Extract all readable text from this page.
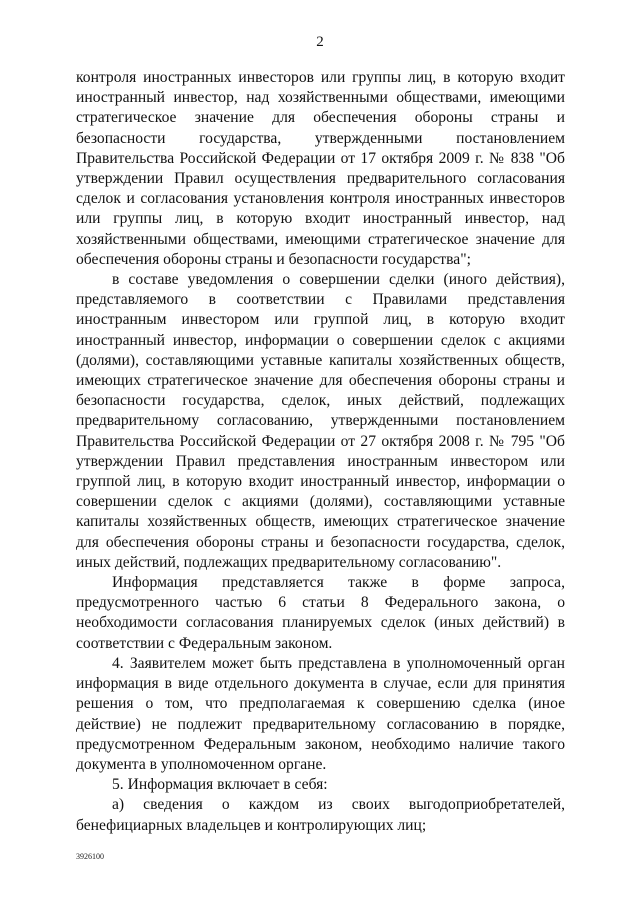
2

контроля иностранных инвесторов или группы лиц, в которую входит иностранный инвестор, над хозяйственными обществами, имеющими стратегическое значение для обеспечения обороны страны и безопасности государства, утвержденными постановлением Правительства Российской Федерации от 17 октября 2009 г. № 838 "Об утверждении Правил осуществления предварительного согласования сделок и согласования установления контроля иностранных инвесторов или группы лиц, в которую входит иностранный инвестор, над хозяйственными обществами, имеющими стратегическое значение для обеспечения обороны страны и безопасности государства";

в составе уведомления о совершении сделки (иного действия), представляемого в соответствии с Правилами представления иностранным инвестором или группой лиц, в которую входит иностранный инвестор, информации о совершении сделок с акциями (долями), составляющими уставные капиталы хозяйственных обществ, имеющих стратегическое значение для обеспечения обороны страны и безопасности государства, сделок, иных действий, подлежащих предварительному согласованию, утвержденными постановлением Правительства Российской Федерации от 27 октября 2008 г. № 795 "Об утверждении Правил представления иностранным инвестором или группой лиц, в которую входит иностранный инвестор, информации о совершении сделок с акциями (долями), составляющими уставные капиталы хозяйственных обществ, имеющих стратегическое значение для обеспечения обороны страны и безопасности государства, сделок, иных действий, подлежащих предварительному согласованию".

Информация представляется также в форме запроса, предусмотренного частью 6 статьи 8 Федерального закона, о необходимости согласования планируемых сделок (иных действий) в соответствии с Федеральным законом.

4. Заявителем может быть представлена в уполномоченный орган информация в виде отдельного документа в случае, если для принятия решения о том, что предполагаемая к совершению сделка (иное действие) не подлежит предварительному согласованию в порядке, предусмотренном Федеральным законом, необходимо наличие такого документа в уполномоченном органе.

5. Информация включает в себя:

а) сведения о каждом из своих выгодоприобретателей, бенефициарных владельцев и контролирующих лиц;

3926100
